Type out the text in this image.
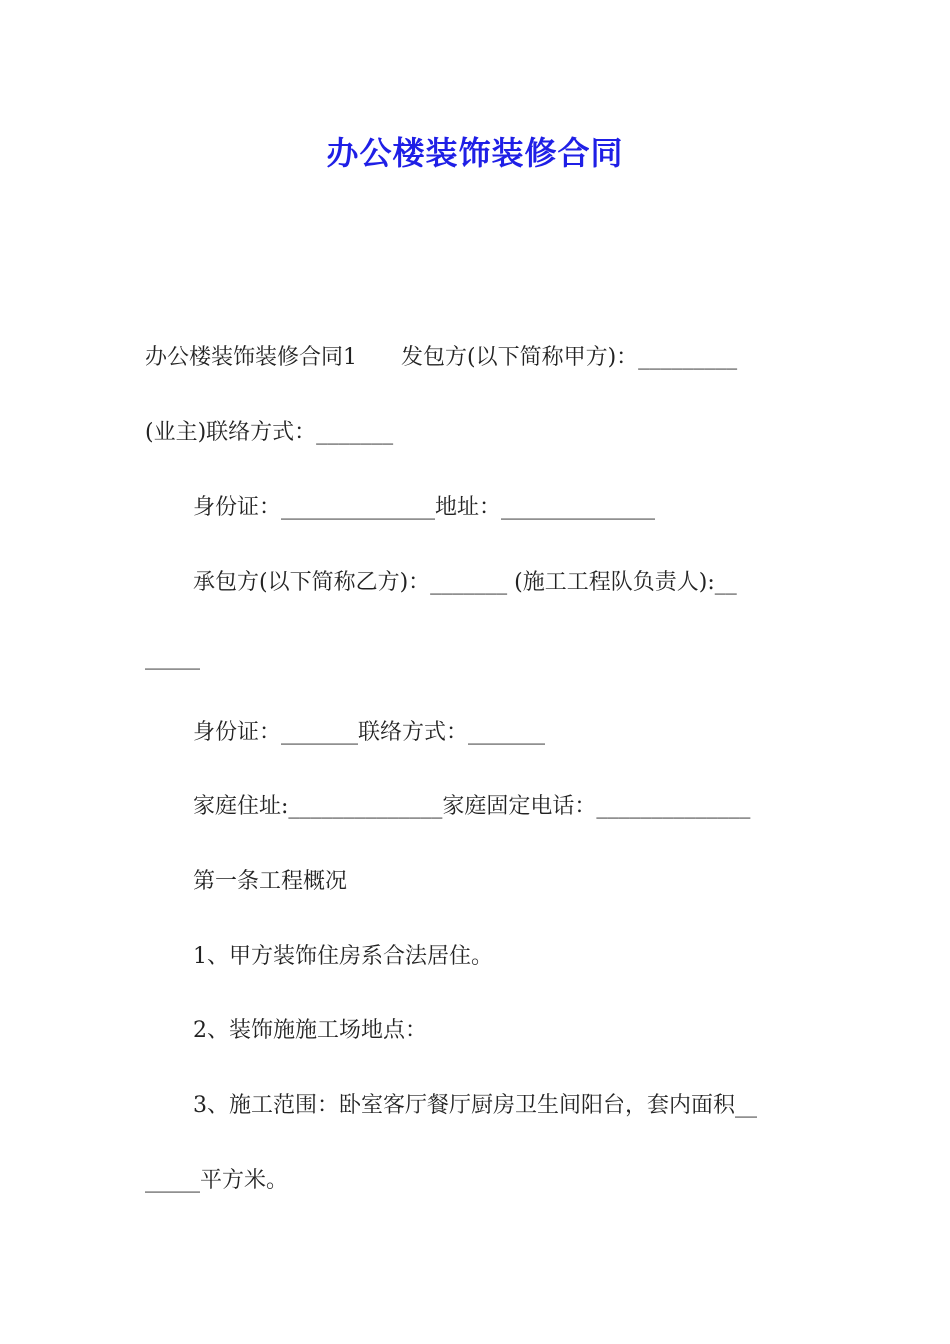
办公楼装饰装修合同
办公楼装饰装修合同1　　发包方(以下简称甲方)：_________
(业主)联络方式：_______
身份证：______________地址：______________
承包方(以下简称乙方)：_______ (施工工程队负责人):__
_____
身份证：_______联络方式：_______
家庭住址:______________家庭固定电话：______________
第一条工程概况
1、甲方装饰住房系合法居住。
2、装饰施施工场地点：
3、施工范围：卧室客厅餐厅厨房卫生间阳台，套内面积__
_____平方米。
